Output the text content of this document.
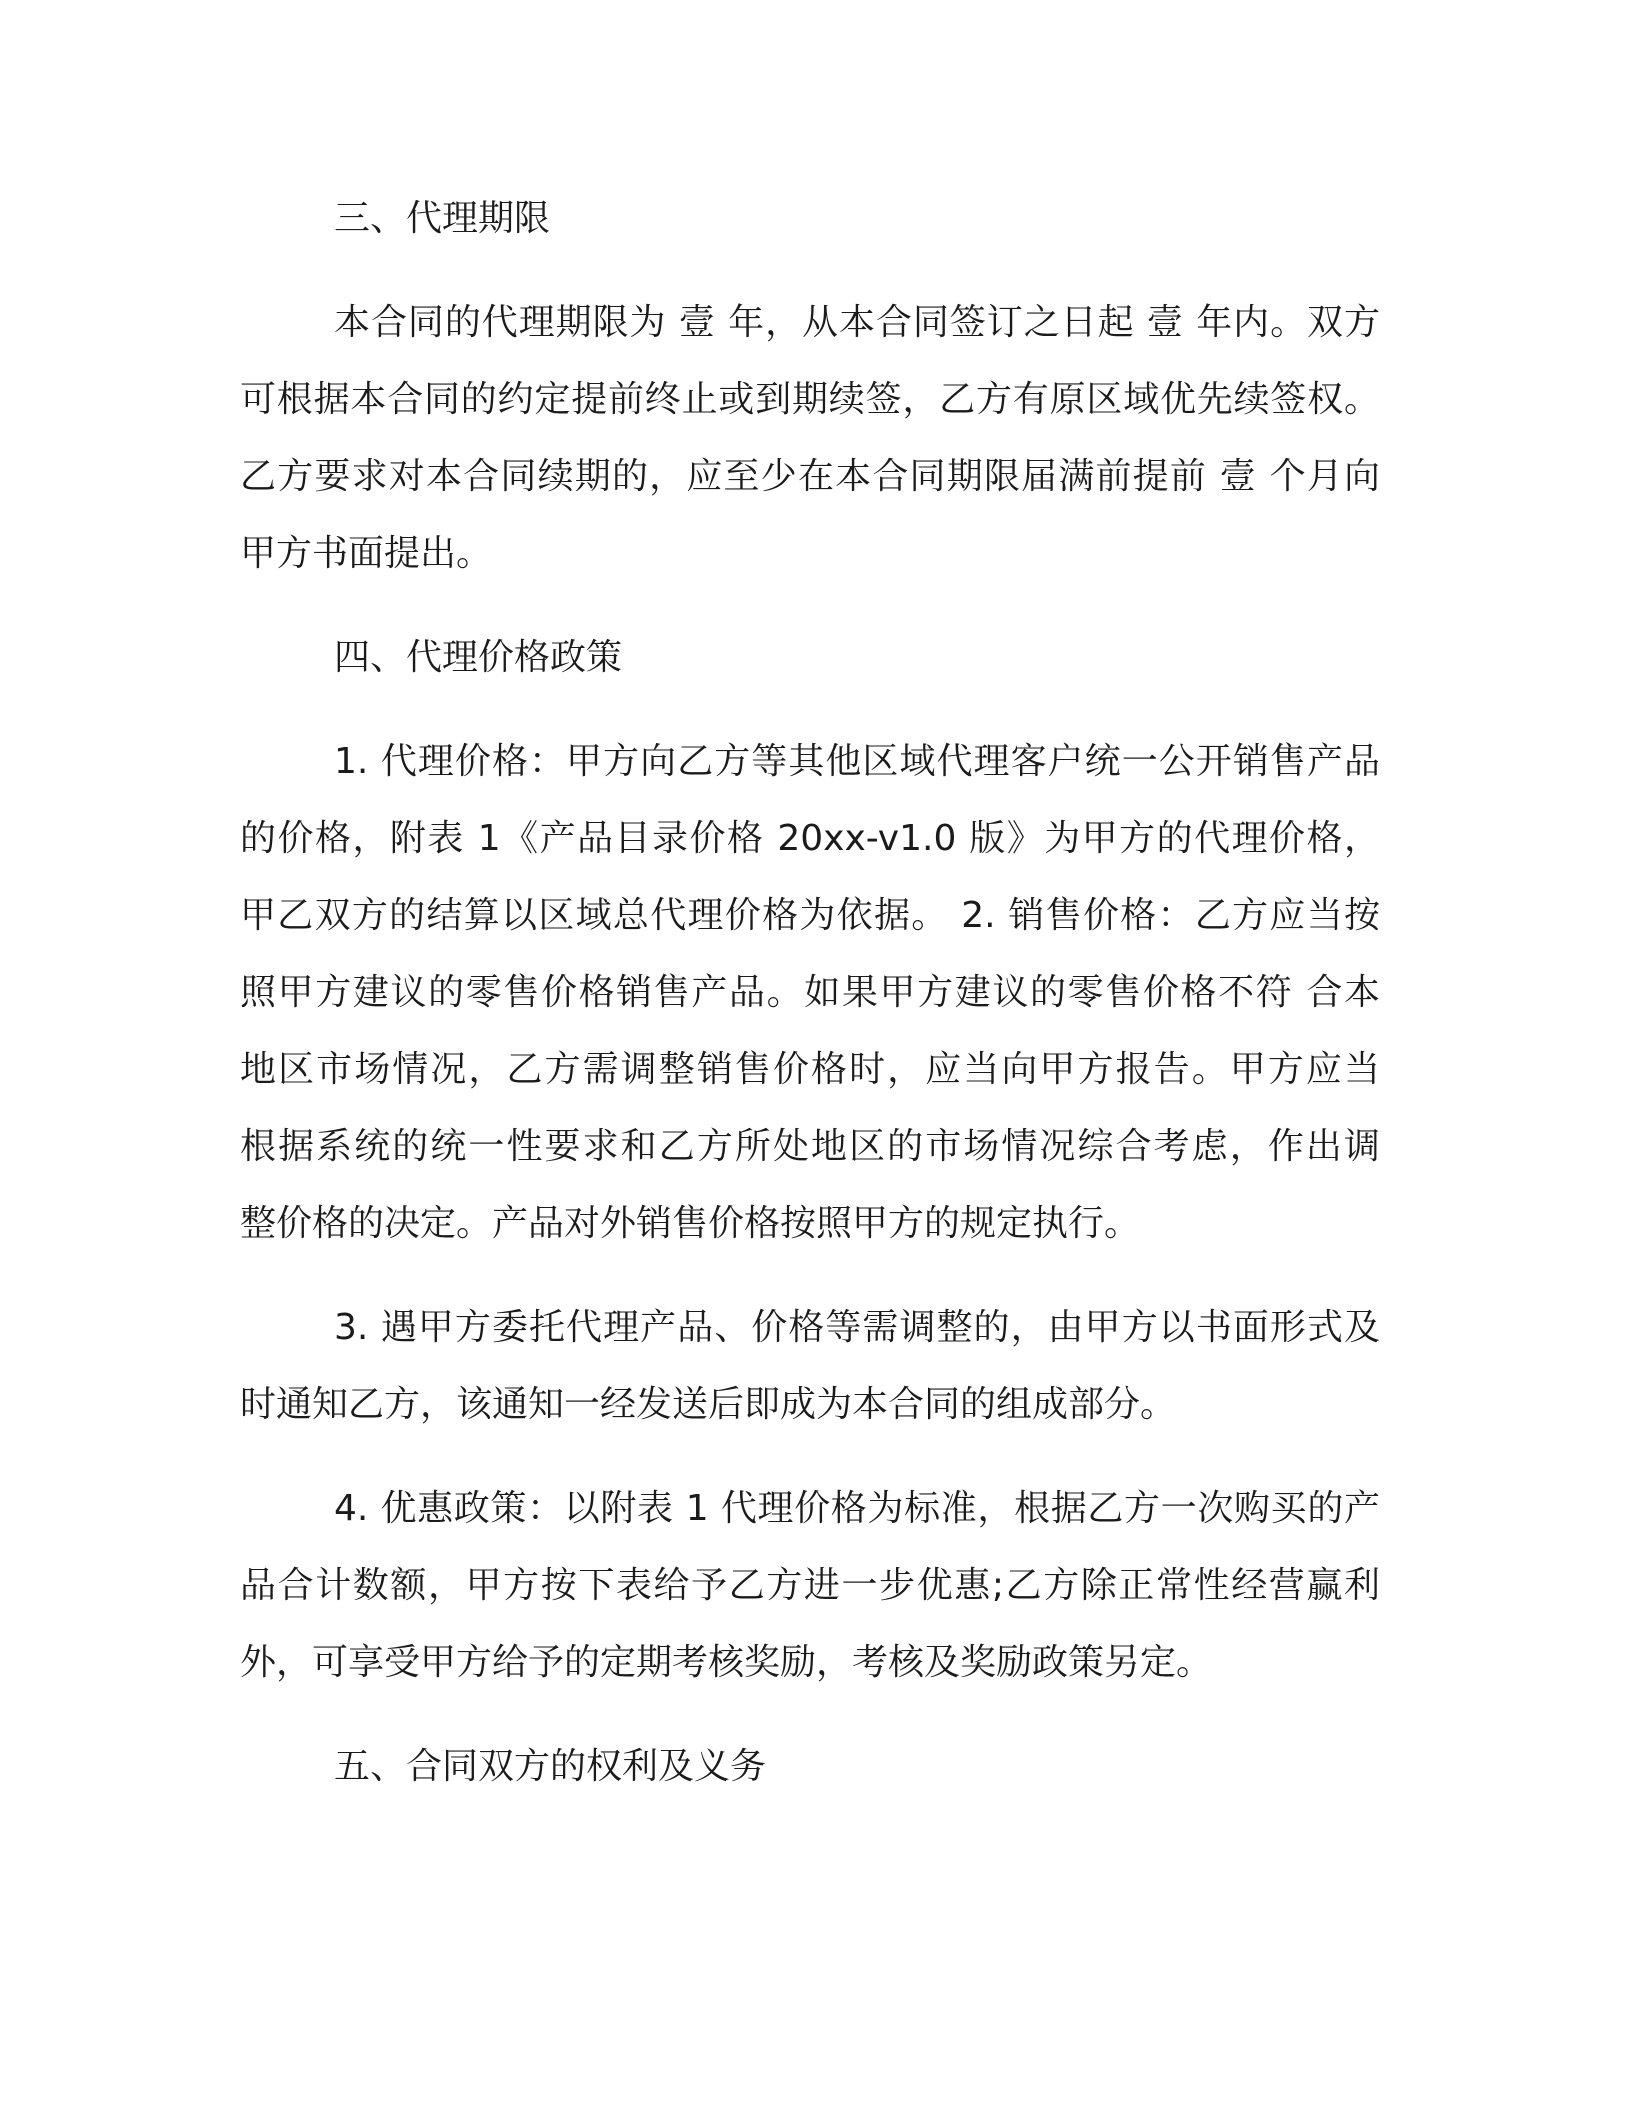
三、代理期限
本合同的代理期限为 壹 年，从本合同签订之日起 壹 年内。双方
可根据本合同的约定提前终止或到期续签，乙方有原区域优先续签权。
乙方要求对本合同续期的，应至少在本合同期限届满前提前 壹 个月向
甲方书面提出。
四、代理价格政策
1. 代理价格：甲方向乙方等其他区域代理客户统一公开销售产品
的价格，附表 1《产品目录价格 20xx-v1.0 版》为甲方的代理价格，
甲乙双方的结算以区域总代理价格为依据。 2. 销售价格：乙方应当按
照甲方建议的零售价格销售产品。如果甲方建议的零售价格不符 合本
地区市场情况，乙方需调整销售价格时，应当向甲方报告。甲方应当
根据系统的统一性要求和乙方所处地区的市场情况综合考虑，作出调
整价格的决定。产品对外销售价格按照甲方的规定执行。
3. 遇甲方委托代理产品、价格等需调整的，由甲方以书面形式及
时通知乙方，该通知一经发送后即成为本合同的组成部分。
4. 优惠政策：以附表 1 代理价格为标准，根据乙方一次购买的产
品合计数额，甲方按下表给予乙方进一步优惠;乙方除正常性经营赢利
外，可享受甲方给予的定期考核奖励，考核及奖励政策另定。
五、合同双方的权利及义务
